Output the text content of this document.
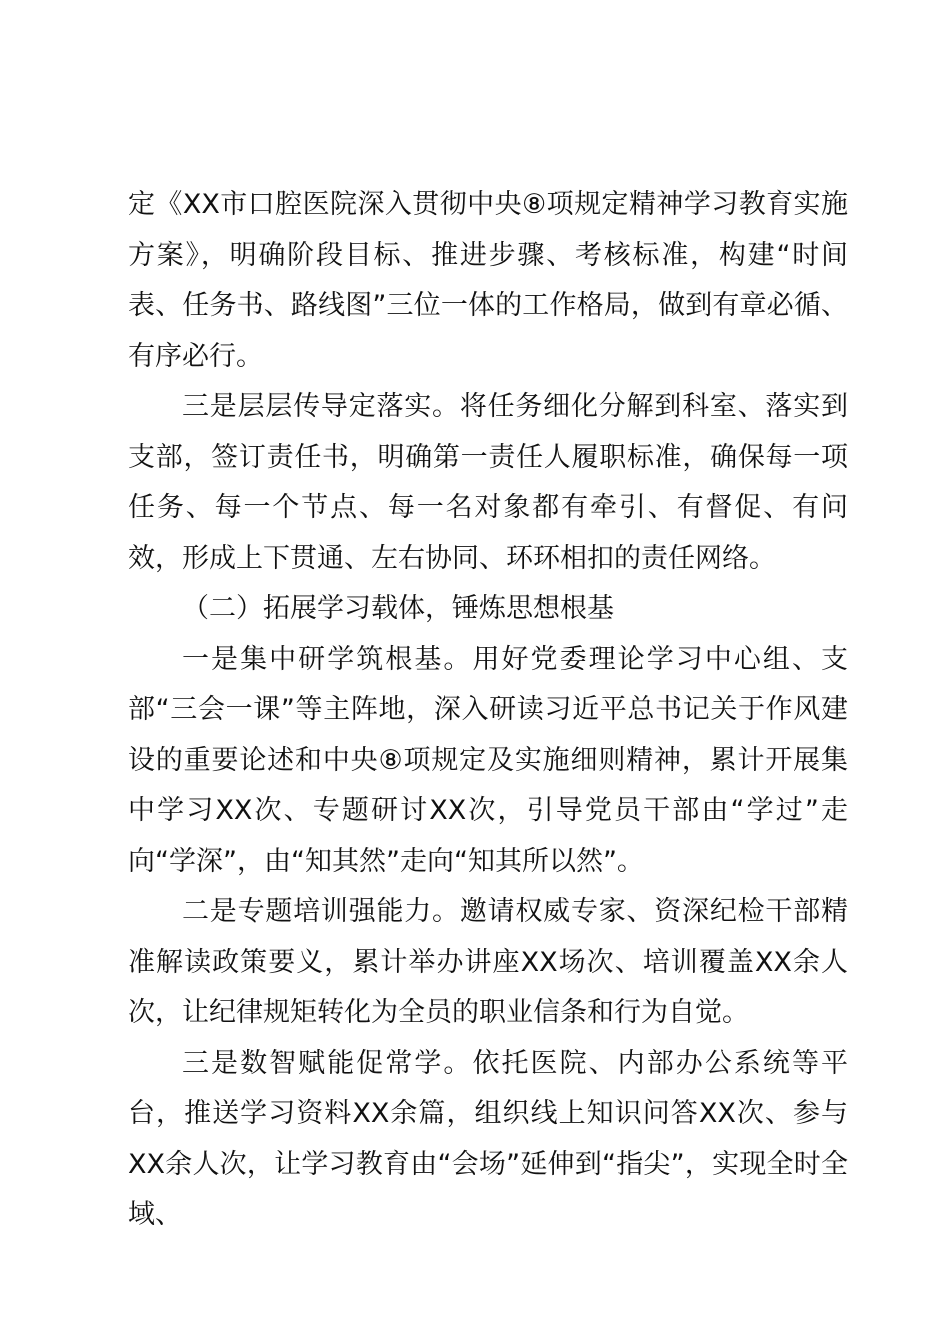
定《XX市口腔医院深入贯彻中央⑧项规定精神学习教育实施方案》，明确阶段目标、推进步骤、考核标准，构建“时间表、任务书、路线图”三位一体的工作格局，做到有章必循、有序必行。

三是层层传导定落实。将任务细化分解到科室、落实到支部，签订责任书，明确第一责任人履职标准，确保每一项任务、每一个节点、每一名对象都有牵引、有督促、有问效，形成上下贯通、左右协同、环环相扣的责任网络。

（二）拓展学习载体，锤炼思想根基

一是集中研学筑根基。用好党委理论学习中心组、支部“三会一课”等主阵地，深入研读习近平总书记关于作风建设的重要论述和中央⑧项规定及实施细则精神，累计开展集中学习XX次、专题研讨XX次，引导党员干部由“学过”走向“学深”，由“知其然”走向“知其所以然”。

二是专题培训强能力。邀请权威专家、资深纪检干部精准解读政策要义，累计举办讲座XX场次、培训覆盖XX余人次，让纪律规矩转化为全员的职业信条和行为自觉。

三是数智赋能促常学。依托医院、内部办公系统等平台，推送学习资料XX余篇，组织线上知识问答XX次、参与XX余人次，让学习教育由“会场”延伸到“指尖”，实现全时全域、
